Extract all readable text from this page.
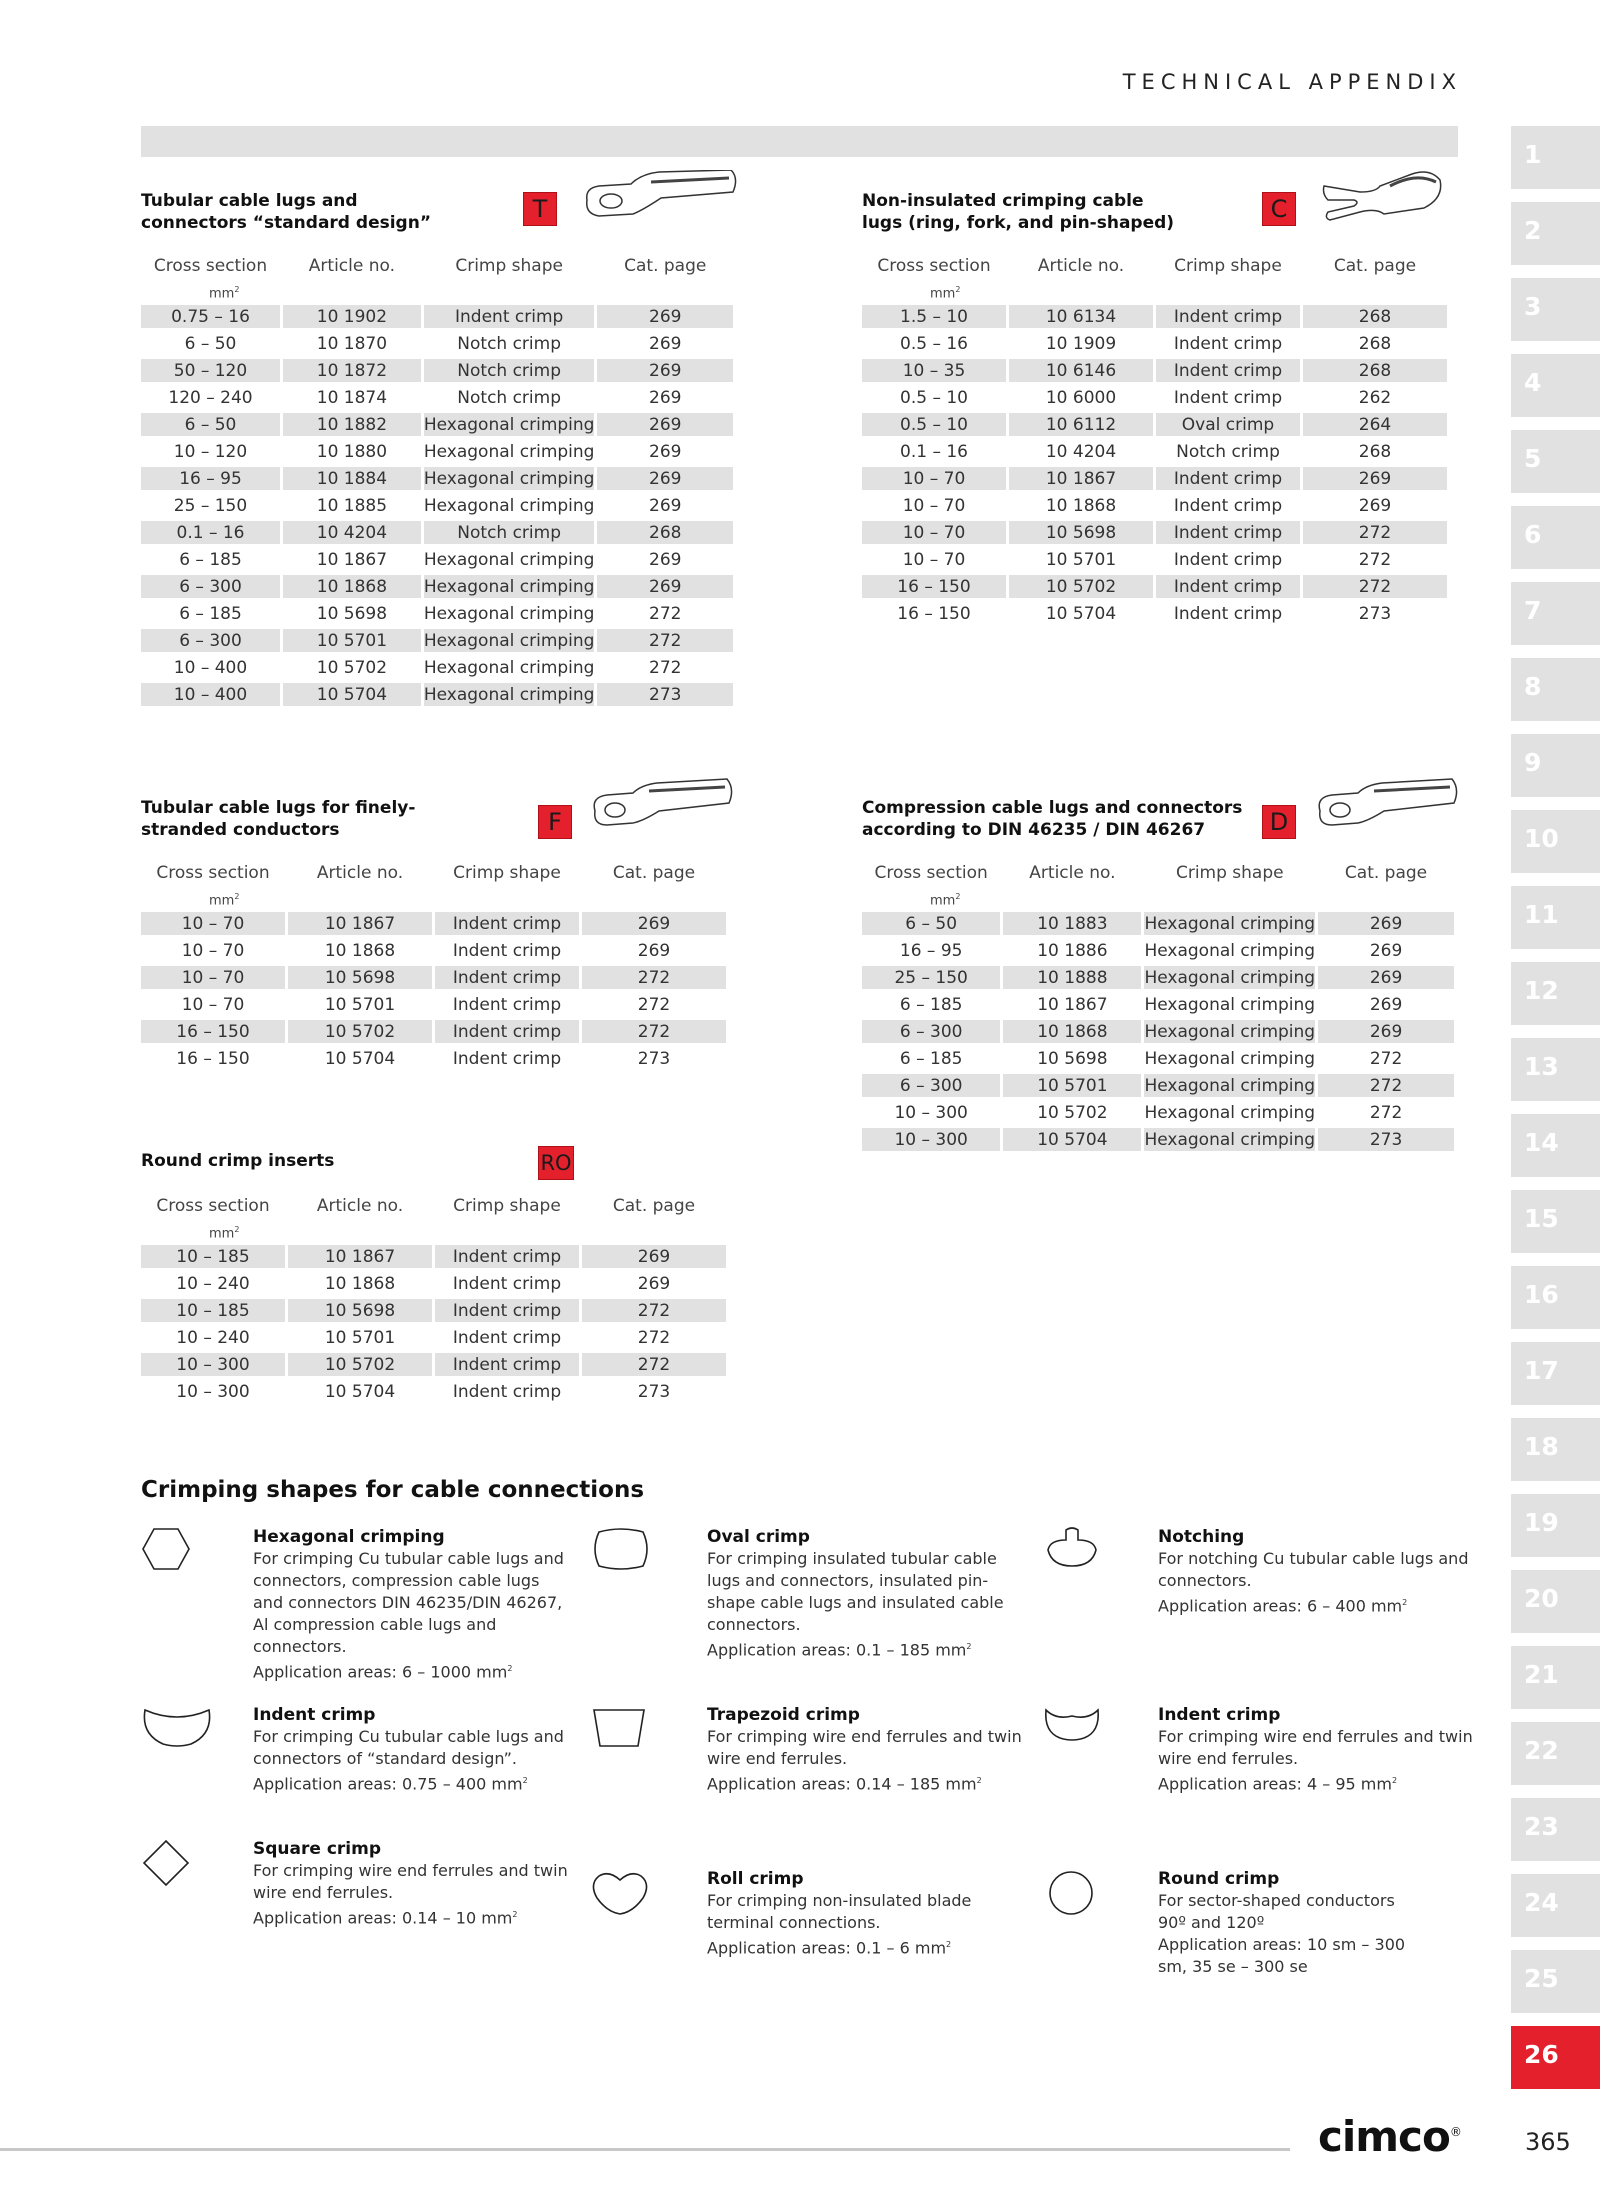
TECHNICAL APPENDIX
Tubular cable lugs and connectors “standard design”	T
Cross section	Article no.	Crimp shape	Cat. page
$mm^2$
0.75 – 16	10 1902	Indent crimp	269
6 – 50	10 1870	Notch crimp	269
50 – 120	10 1872	Notch crimp	269
120 – 240	10 1874	Notch crimp	269
6 – 50	10 1882	Hexagonal crimping	269
10 – 120	10 1880	Hexagonal crimping	269
16 – 95	10 1884	Hexagonal crimping	269
25 – 150	10 1885	Hexagonal crimping	269
0.1 – 16	10 4204	Notch crimp	268
6 – 185	10 1867	Hexagonal crimping	269
6 – 300	10 1868	Hexagonal crimping	269
6 – 185	10 5698	Hexagonal crimping	272
6 – 300	10 5701	Hexagonal crimping	272
10 – 400	10 5702	Hexagonal crimping	272
10 – 400	10 5704	Hexagonal crimping	273
Non-insulated crimping cable lugs (ring, fork, and pin-shaped)	C
Cross section	Article no.	Crimp shape	Cat. page
$mm^2$
1.5 – 10	10 6134	Indent crimp	268
0.5 – 16	10 1909	Indent crimp	268
10 – 35	10 6146	Indent crimp	268
0.5 – 10	10 6000	Indent crimp	262
0.5 – 10	10 6112	Oval crimp	264
0.1 – 16	10 4204	Notch crimp	268
10 – 70	10 1867	Indent crimp	269
10 – 70	10 1868	Indent crimp	269
10 – 70	10 5698	Indent crimp	272
10 – 70	10 5701	Indent crimp	272
16 – 150	10 5702	Indent crimp	272
16 – 150	10 5704	Indent crimp	273
Tubular cable lugs for finely-stranded conductors	F
Cross section	Article no.	Crimp shape	Cat. page
$mm^2$
10 – 70	10 1867	Indent crimp	269
10 – 70	10 1868	Indent crimp	269
10 – 70	10 5698	Indent crimp	272
10 – 70	10 5701	Indent crimp	272
16 – 150	10 5702	Indent crimp	272
16 – 150	10 5704	Indent crimp	273
Compression cable lugs and connectors according to DIN 46235 / DIN 46267	D
Cross section	Article no.	Crimp shape	Cat. page
$mm^2$
6 – 50	10 1883	Hexagonal crimping	269
16 – 95	10 1886	Hexagonal crimping	269
25 – 150	10 1888	Hexagonal crimping	269
6 – 185	10 1867	Hexagonal crimping	269
6 – 300	10 1868	Hexagonal crimping	269
6 – 185	10 5698	Hexagonal crimping	272
6 – 300	10 5701	Hexagonal crimping	272
10 – 300	10 5702	Hexagonal crimping	272
10 – 300	10 5704	Hexagonal crimping	273
Round crimp inserts	RO
Cross section	Article no.	Crimp shape	Cat. page
$mm^2$
10 – 185	10 1867	Indent crimp	269
10 – 240	10 1868	Indent crimp	269
10 – 185	10 5698	Indent crimp	272
10 – 240	10 5701	Indent crimp	272
10 – 300	10 5702	Indent crimp	272
10 – 300	10 5704	Indent crimp	273
Crimping shapes for cable connections
Hexagonal crimping
For crimping Cu tubular cable lugs and connectors, compression cable lugs and connectors DIN 46235/DIN 46267, Al compression cable lugs and connectors.
Application areas: 6 – 1000 $mm^2$
Oval crimp
For crimping insulated tubular cable lugs and connectors, insulated pin-shape cable lugs and insulated cable connectors.
Application areas: 0.1 – 185 $mm^2$
Notching
For notching Cu tubular cable lugs and connectors.
Application areas: 6 – 400 $mm^2$
Indent crimp
For crimping Cu tubular cable lugs and connectors of “standard design”.
Application areas: 0.75 – 400 $mm^2$
Trapezoid crimp
For crimping wire end ferrules and twin wire end ferrules.
Application areas: 0.14 – 185 $mm^2$
Indent crimp
For crimping wire end ferrules and twin wire end ferrules.
Application areas: 4 – 95 $mm^2$
Square crimp
For crimping wire end ferrules and twin wire end ferrules.
Application areas: 0.14 – 10 $mm^2$
Roll crimp
For crimping non-insulated blade terminal connections.
Application areas: 0.1 – 6 $mm^2$
Round crimp
For sector-shaped conductors 90º and 120º
Application areas: 10 sm – 300 sm, 35 se – 300 se
1
2
3
4
5
6
7
8
9
10
11
12
13
14
15
16
17
18
19
20
21
22
23
24
25
26
cimco®	365
